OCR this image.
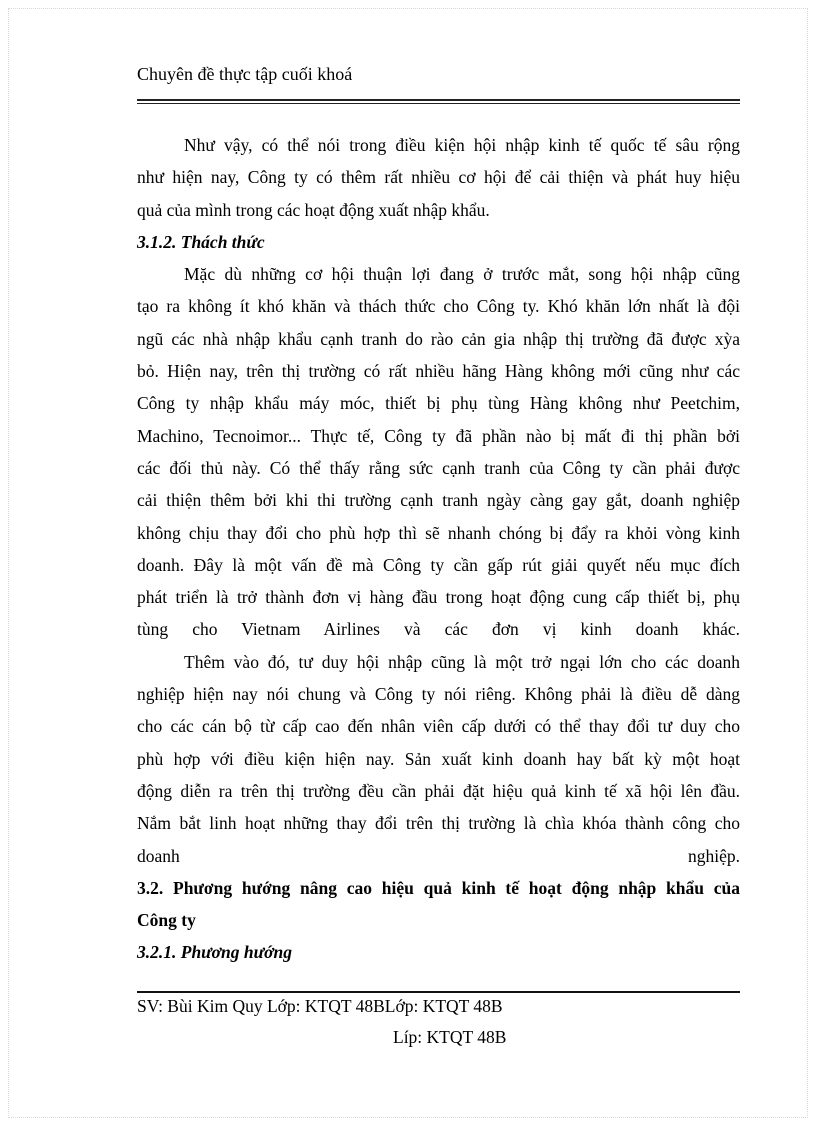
Chuyên đề thực tập cuối khoá
Như vậy, có thể nói trong điều kiện hội nhập kinh tế quốc tế sâu rộng
như hiện nay, Công ty có thêm rất nhiều cơ hội để cải thiện và phát huy hiệu
quả của mình trong các hoạt động xuất nhập khẩu.
3.1.2. Thách thức
Mặc dù những cơ hội thuận lợi đang ở trước mắt, song hội nhập cũng
tạo ra không ít khó khăn và thách thức cho Công ty. Khó khăn lớn nhất là đội
ngũ các nhà nhập khẩu cạnh tranh do rào cản gia nhập thị trường đã được xỳa
bỏ. Hiện nay, trên thị trường có rất nhiều hãng Hàng không mới cũng như các
Công ty nhập khẩu máy móc, thiết bị phụ tùng Hàng không như Peetchim,
Machino, Tecnoimor... Thực tế, Công ty đã phần nào bị mất đi thị phần bởi
các đối thủ này. Có thể thấy rằng sức cạnh tranh của Công ty cần phải được
cải thiện thêm bởi khi thi trường cạnh tranh ngày càng gay gắt, doanh nghiệp
không chịu thay đổi cho phù hợp thì sẽ nhanh chóng bị đẩy ra khỏi vòng kinh
doanh. Đây là một vấn đề mà Công ty cần gấp rút giải quyết nếu mục đích
phát triển là trở thành đơn vị hàng đầu trong hoạt động cung cấp thiết bị, phụ
tùng cho Vietnam Airlines và các đơn vị kinh doanh khác.
Thêm vào đó, tư duy hội nhập cũng là một trở ngại lớn cho các doanh
nghiệp hiện nay nói chung và Công ty nói riêng. Không phải là điều dễ dàng
cho các cán bộ từ cấp cao đến nhân viên cấp dưới có thể thay đổi tư duy cho
phù hợp với điều kiện hiện nay. Sản xuất kinh doanh hay bất kỳ một hoạt
động diễn ra trên thị trường đều cần phải đặt hiệu quả kinh tế xã hội lên đầu.
Nắm bắt linh hoạt những thay đổi trên thị trường là chìa khóa thành công cho
doanh nghiệp.
3.2. Phương hướng nâng cao hiệu quả kinh tế hoạt động nhập khẩu của
Công ty
3.2.1. Phương hướng
SV: Bùi Kim Quy Lớp: KTQT 48BLớp: KTQT 48B
Líp: KTQT 48B
